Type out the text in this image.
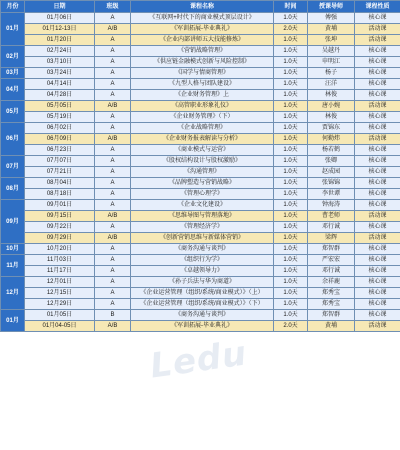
月份	日期	班级	课程名称	时间	授课导师	课程性质
01月	01月06日	A	《互联网+时代下的商业模式顶层设计》	1.0天	傅强	核心课
	01月12-13日	A/B	《军训拓展-毕业典礼》	2.0天	黄埔	活动课
	01月20日	A	《企业内部讲师五大技能修炼》	1.0天	张坤	活动课
02月	02月24日	A	《营销战略管理》	1.0天	吴越丹	核心课
	03月10日	A	《供应链金融模式创新与风险控制》	1.0天	申明江	核心课
03月	03月24日	A	《国学与情商管理》	1.0天	杨子	核心课
04月	04月14日	A	《九型人格与团队建设》	1.0天	汪洋	核心课
	04月28日	A	《企业财务管理》上	1.0天	林俊	核心课
05月	05月05日	A/B	《高管职业形象礼仪》	1.0天	唐小婉	活动课
	05月19日	A	《企业财务管理》（下）	1.0天	林俊	核心课
06月	06月02日	A	《企业战略管理》	1.0天	贾锦东	核心课
	06月09日	A/B	《企业财务报表解读与分析》	1.0天	何勤炜	活动课
	06月23日	A	《商业模式与运营》	1.0天	杨若鹤	核心课
07月	07月07日	A	《股权结构设计与股权激励》	1.0天	张卿	核心课
	07月21日	A	《沟通管理》	1.0天	赵成园	核心课
08月	08月04日	A	《品牌塑造与营销战略》	1.0天	张锦锦	核心课
	08月18日	A	《管理心理学》	1.0天	李世谭	核心课
09月	09月01日	A	《企业文化建设》	1.0天	钟海涛	核心课
	09月15日	A/B	《思维导图与管理落地》	1.0天	曹老师	活动课
	09月22日	A	《管理经济学》	1.0天	邓行诚	核心课
	09月29日	A/B	《创新营销思维与新媒体营销》	1.0天	梁辉	活动课
10月	10月20日	A	《商务沟通与谈判》	1.0天	郑智群	核心课
11月	11月03日	A	《组织行为学》	1.0天	严宏宏	核心课
	11月17日	A	《卓越领导力》	1.0天	邓行诚	核心课
12月	12月01日	A	《孙子兵法与华为商道》	1.0天	余祥鹿	核心课
	12月15日	A	《企业运营管理（组织/系统/商业模式）》（上）	1.0天	郑秀宝	核心课
	12月29日	A	《企业运营管理（组织/系统/商业模式）》（下）	1.0天	郑秀宝	核心课
01月	01月05日	B	《商务沟通与谈判》	1.0天	郑智群	核心课
	01月04-05日	A/B	《军训拓展-毕业典礼》	2.0天	黄埔	活动课
Ledu
